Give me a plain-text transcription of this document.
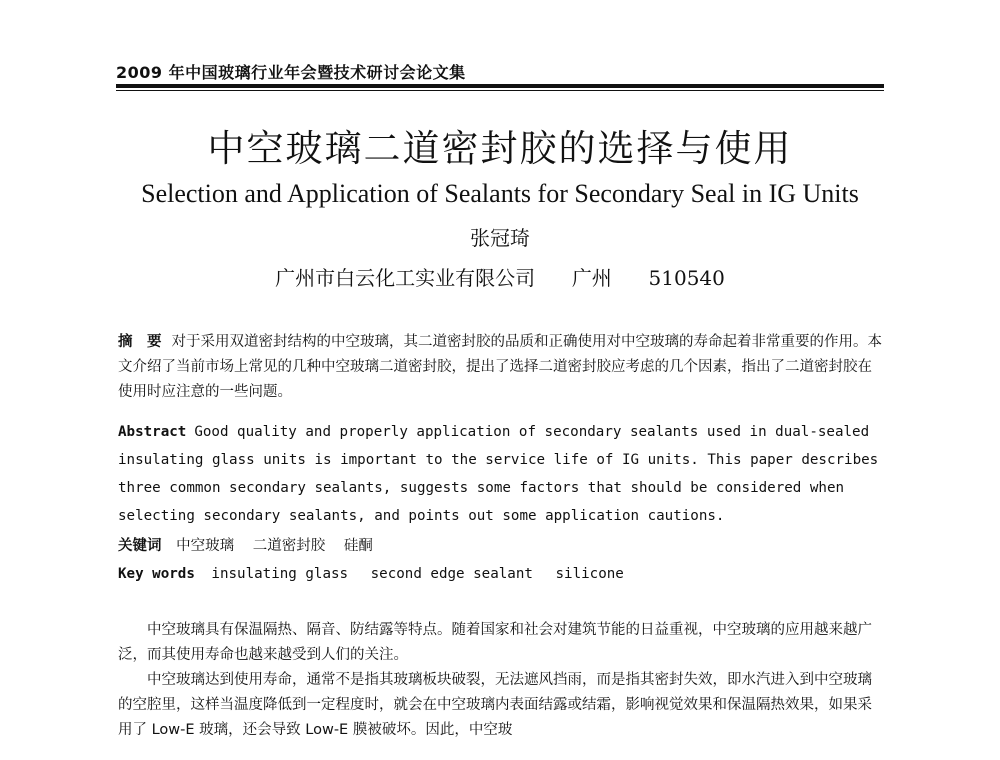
2009 年中国玻璃行业年会暨技术研讨会论文集
中空玻璃二道密封胶的选择与使用
Selection and Application of Sealants for Secondary Seal in IG Units
张冠琦
广州市白云化工实业有限公司 广州 510540
摘　要 对于采用双道密封结构的中空玻璃，其二道密封胶的品质和正确使用对中空玻璃的寿命起着非常重要的作用。本文介绍了当前市场上常见的几种中空玻璃二道密封胶，提出了选择二道密封胶应考虑的几个因素，指出了二道密封胶在使用时应注意的一些问题。
Abstract Good quality and properly application of secondary sealants used in dual-sealed insulating glass units is important to the service life of IG units. This paper describes three common secondary sealants, suggests some factors that should be considered when selecting secondary sealants, and points out some application cautions.
关键词 中空玻璃 二道密封胶 硅酮
Key words insulating glass second edge sealant silicone

中空玻璃具有保温隔热、隔音、防结露等特点。随着国家和社会对建筑节能的日益重视，中空玻璃的应用越来越广泛，而其使用寿命也越来越受到人们的关注。

中空玻璃达到使用寿命，通常不是指其玻璃板块破裂，无法遮风挡雨，而是指其密封失效，即水汽进入到中空玻璃的空腔里，这样当温度降低到一定程度时，就会在中空玻璃内表面结露或结霜，影响视觉效果和保温隔热效果，如果采用了 Low-E 玻璃，还会导致 Low-E 膜被破坏。因此，中空玻
